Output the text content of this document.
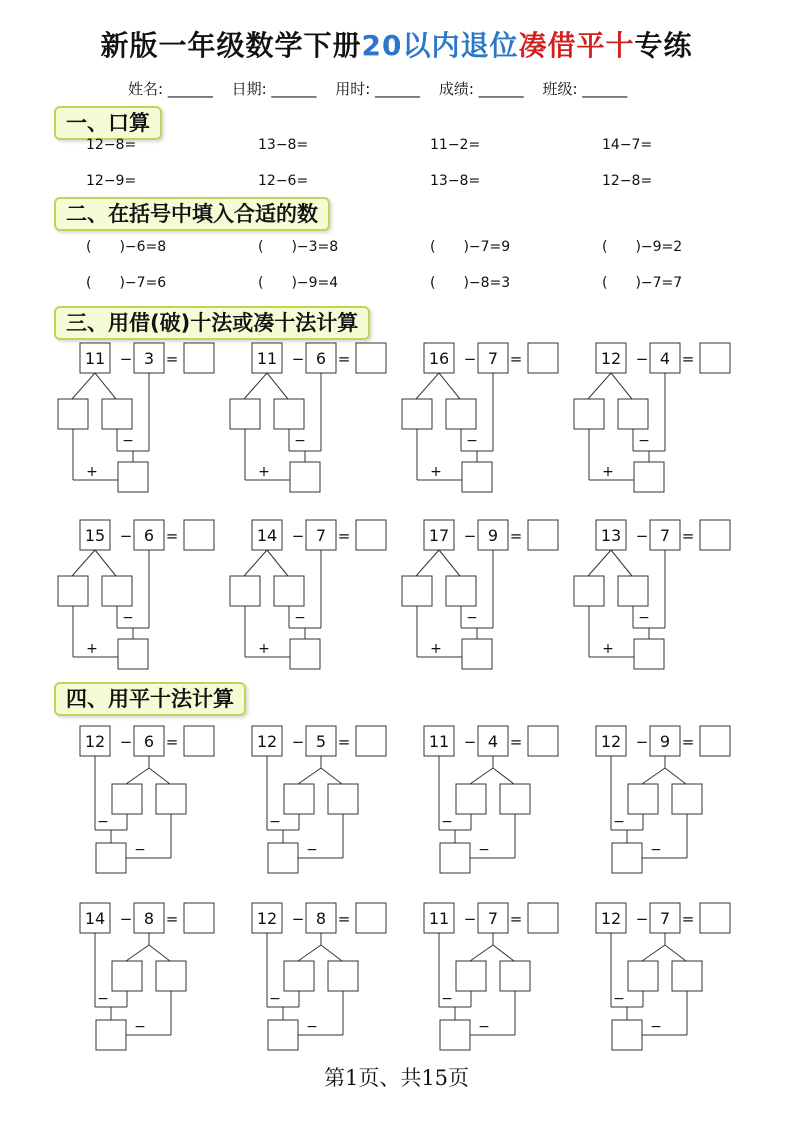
新版一年级数学下册20以内退位凑借平十专练
姓名: ______ 日期: ______ 用时: ______ 成绩: ______ 班级: ______
一、口算
二、在括号中填入合适的数
三、用借(破)十法或凑十法计算
四、用平十法计算
12−8=	13−8=	11−2=	14−7=
12−9=	12−6=	13−8=	12−8=
(　　)−6=8	(　　)−3=8	(　　)−7=9	(　　)−9=2
(　　)−7=6	(　　)−9=4	(　　)−8=3	(　　)−7=7
11 − 3 =
−
+
11 − 6 =
−
+
16 − 7 =
−
+
12 − 4 =
−
+
15 − 6 =
−
+
14 − 7 =
−
+
17 − 9 =
−
+
13 − 7 =
−
+
12 − 6 =
−
−
12 − 5 =
−
−
11 − 4 =
−
−
12 − 9 =
−
−
14 − 8 =
−
−
12 − 8 =
−
−
11 − 7 =
−
−
12 − 7 =
−
−
第1页、共15页
